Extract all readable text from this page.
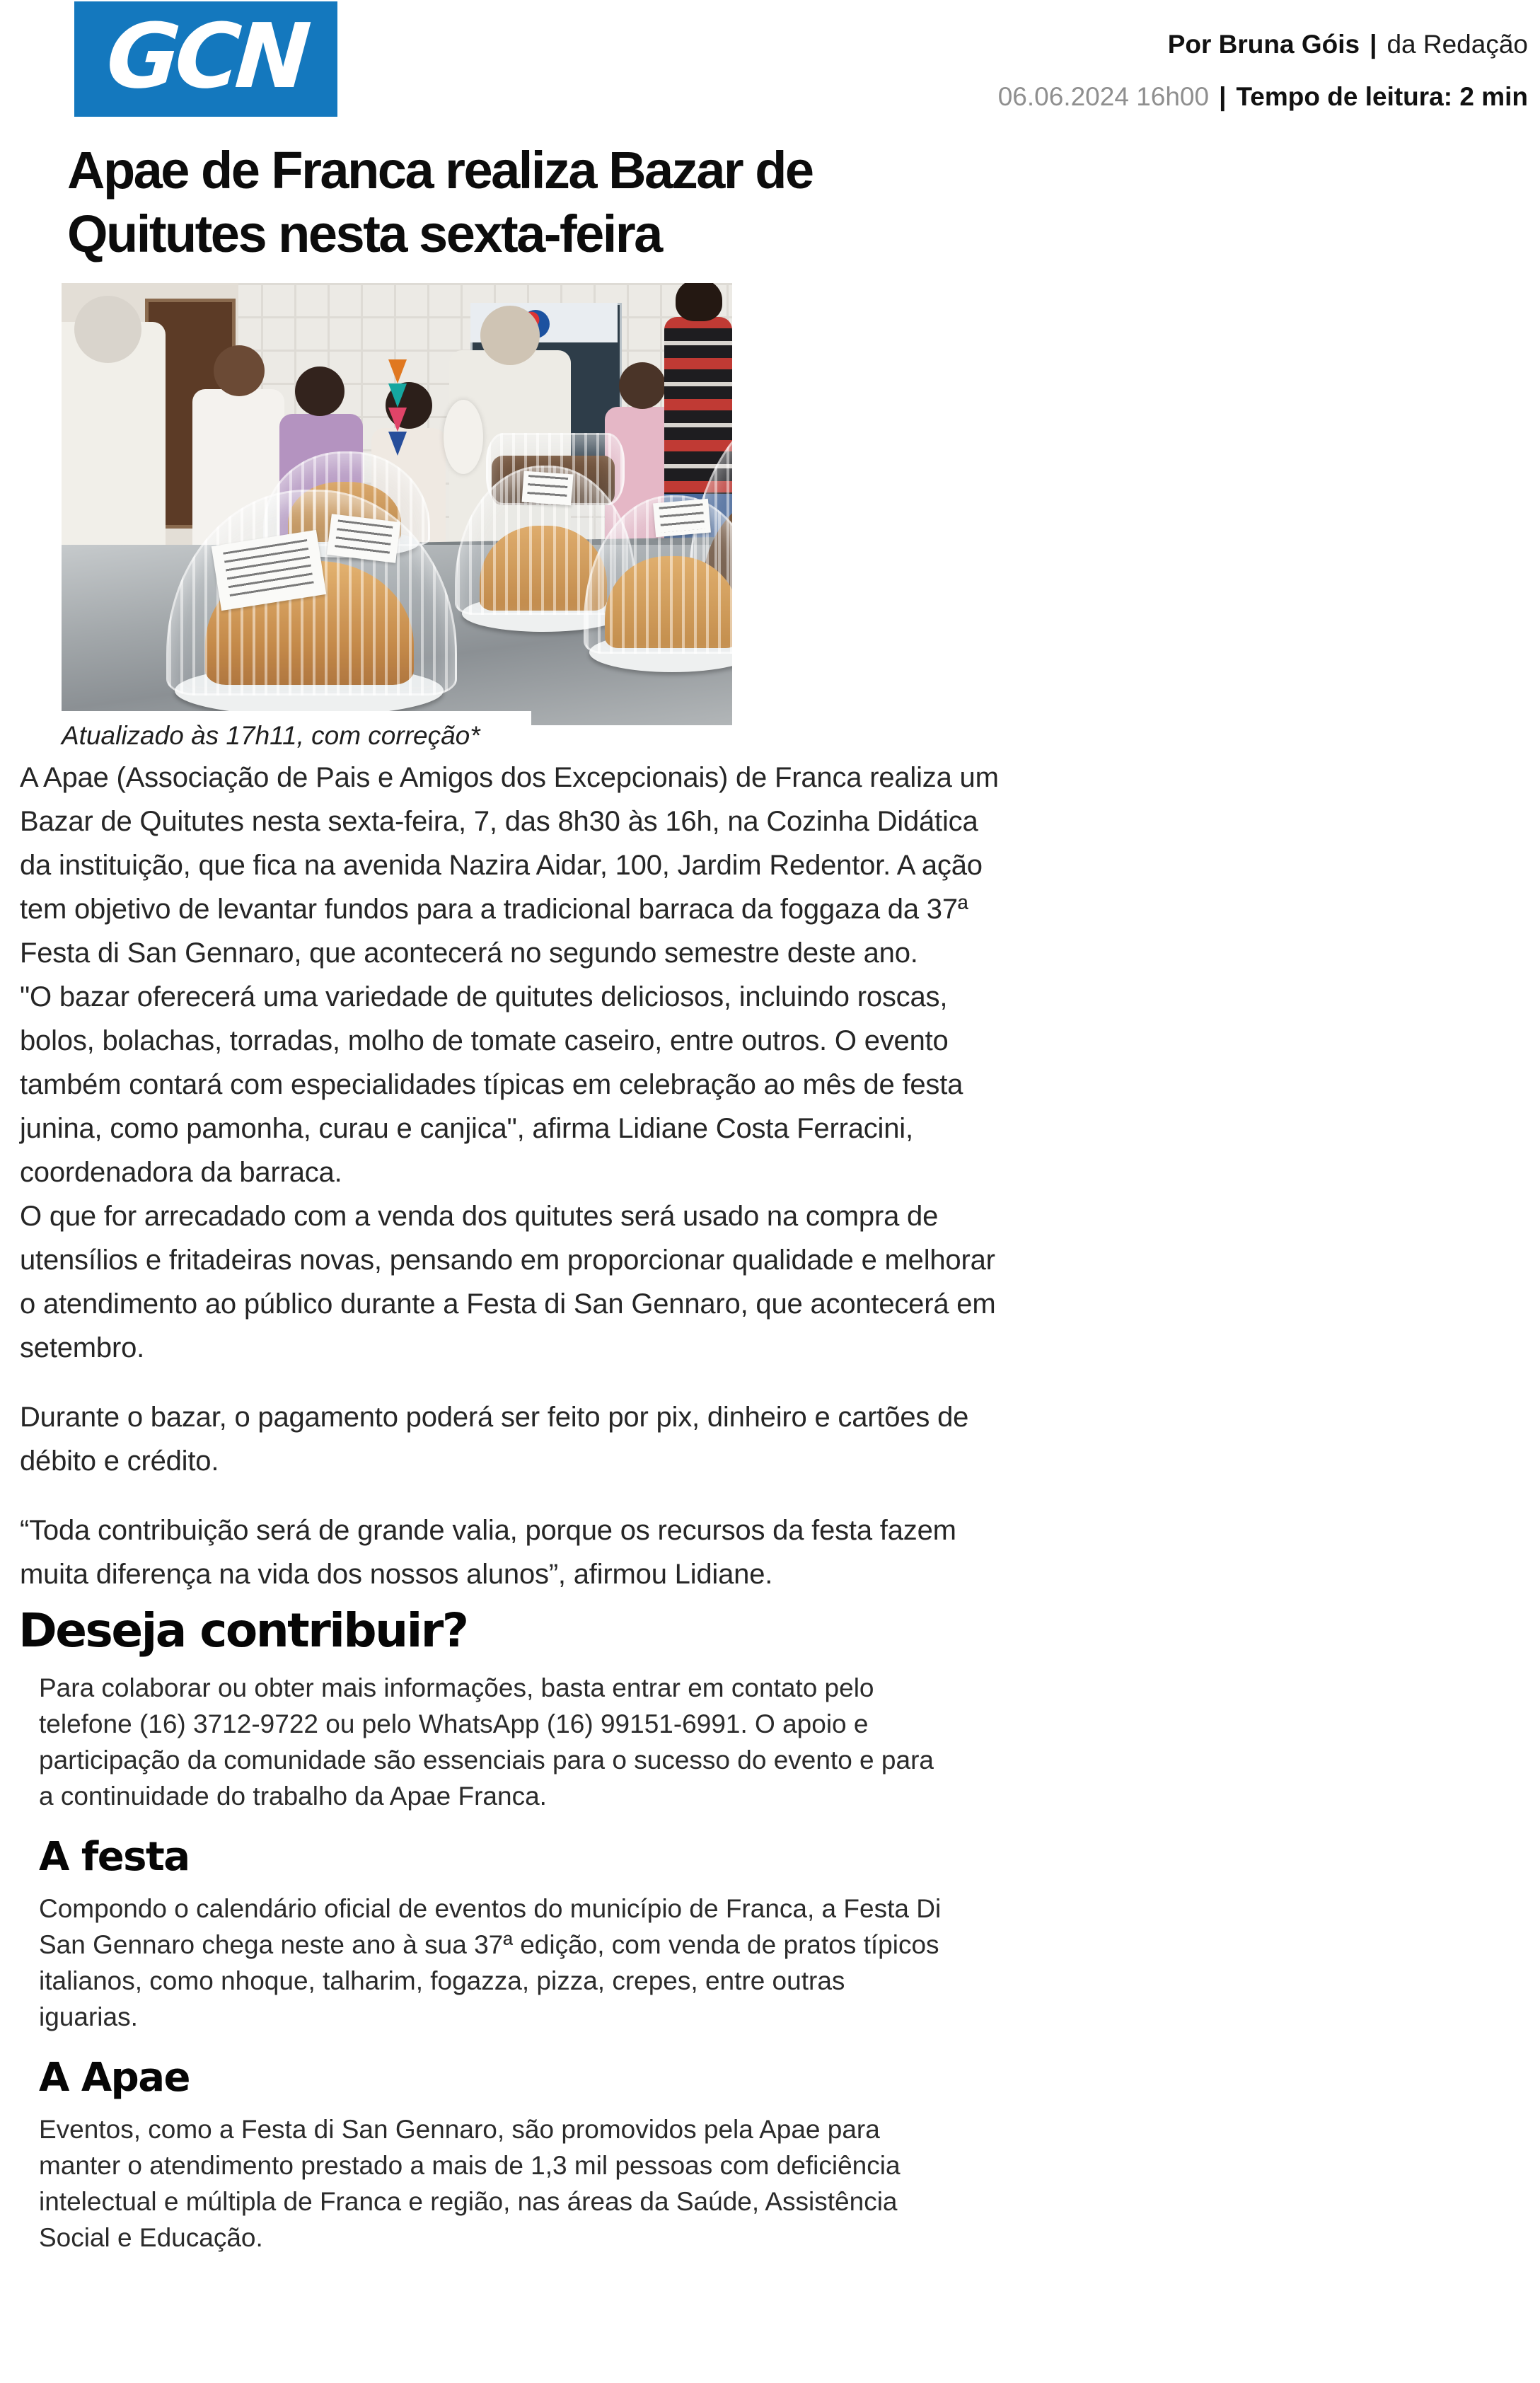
GCN	Por Bruna Góis | da Redação
06.06.2024 16h00 | Tempo de leitura: 2 min
Apae de Franca realiza Bazar de Quitutes nesta sexta-feira
Atualizado às 17h11, com correção*

A Apae (Associação de Pais e Amigos dos Excepcionais) de Franca realiza um Bazar de Quitutes nesta sexta-feira, 7, das 8h30 às 16h, na Cozinha Didática da instituição, que fica na avenida Nazira Aidar, 100, Jardim Redentor. A ação tem objetivo de levantar fundos para a tradicional barraca da foggaza da 37ª Festa di San Gennaro, que acontecerá no segundo semestre deste ano.

"O bazar oferecerá uma variedade de quitutes deliciosos, incluindo roscas, bolos, bolachas, torradas, molho de tomate caseiro, entre outros. O evento também contará com especialidades típicas em celebração ao mês de festa junina, como pamonha, curau e canjica", afirma Lidiane Costa Ferracini, coordenadora da barraca.

O que for arrecadado com a venda dos quitutes será usado na compra de utensílios e fritadeiras novas, pensando em proporcionar qualidade e melhorar o atendimento ao público durante a Festa di San Gennaro, que acontecerá em setembro.

Durante o bazar, o pagamento poderá ser feito por pix, dinheiro e cartões de débito e crédito.

“Toda contribuição será de grande valia, porque os recursos da festa fazem muita diferença na vida dos nossos alunos”, afirmou Lidiane.

Deseja contribuir?

Para colaborar ou obter mais informações, basta entrar em contato pelo telefone (16) 3712-9722 ou pelo WhatsApp (16) 99151-6991. O apoio e participação da comunidade são essenciais para o sucesso do evento e para a continuidade do trabalho da Apae Franca.

A festa

Compondo o calendário oficial de eventos do município de Franca, a Festa Di San Gennaro chega neste ano à sua 37ª edição, com venda de pratos típicos italianos, como nhoque, talharim, fogazza, pizza, crepes, entre outras iguarias.

A Apae

Eventos, como a Festa di San Gennaro, são promovidos pela Apae para manter o atendimento prestado a mais de 1,3 mil pessoas com deficiência intelectual e múltipla de Franca e região, nas áreas da Saúde, Assistência Social e Educação.
